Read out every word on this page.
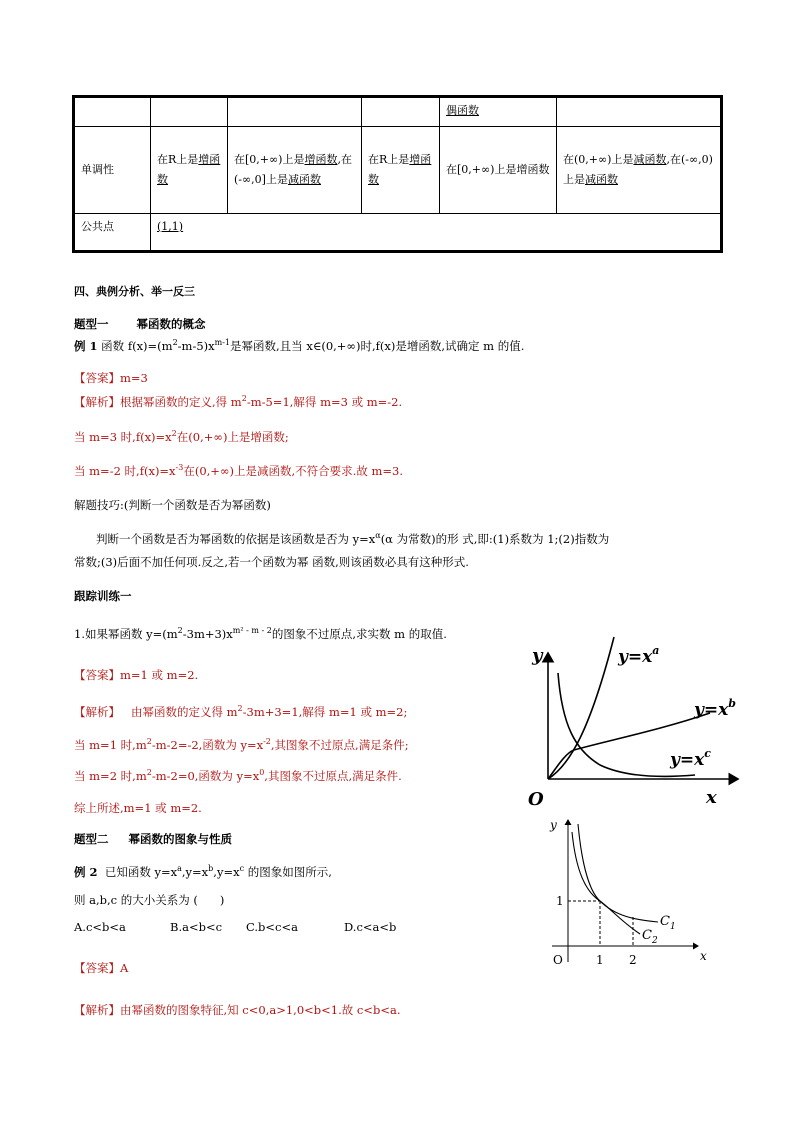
				偶函数	
单调性	在R上是增函数	在[0,+∞)上是增函数,在(-∞,0]上是减函数	在R上是增函数	在[0,+∞)上是增函数	在(0,+∞)上是减函数,在(-∞,0)上是减函数
公共点	(1,1)				
四、典例分析、举一反三
题型一 幂函数的概念
例 1 函数 $f(x)=(m^2-m-5)x^{m-1}$是幂函数,且当 x∈(0,+∞)时,f(x)是增函数,试确定 m 的值.
【答案】m=3
【解析】根据幂函数的定义,得 $m^2-m-5=1$,解得 m=3 或 m=-2.
当 m=3 时$,f(x)=x^2$在(0,+∞)上是增函数;
当 m=-2 时$,f(x)=x^{-3}$在(0,+∞)上是减函数,不符合要求.故 m=3.
解题技巧:(判断一个函数是否为幂函数)
判断一个函数是否为幂函数的依据是该函数是否为 $y=x^\alpha(\alpha$ 为常数)的形 式,即:(1)系数为 1;(2)指数为
常数;(3)后面不加任何项.反之,若一个函数为幂 函数,则该函数必具有这种形式.
跟踪训练一
1.如果幂函数 $y=(m^2-3m+3)x^{m^2 - m - 2}$的图象不过原点,求实数 m 的取值.
【答案】m=1 或 m=2.
【解析】   由幂函数的定义得 $m^2-3m+3=1$,解得 m=1 或 m=2;
当 m=1 时$,m^2-m-2=-2$,函数为 $y=x^{-2}$,其图象不过原点,满足条件;
当 m=2 时$,m^2-m-2=0$,函数为 $y=x^0$,其图象不过原点,满足条件.
综上所述,m=1 或 m=2.
题型二 幂函数的图象与性质
例 2  已知函数 $y=x^a,y=x^b,y=x^c$ 的图象如图所示,
则 a,b,c 的大小关系为 (      )
A.c<b<a	B.a<b<c C.b<c<a	D.c<a<b
【答案】A
【解析】由幂函数的图象特征,知 c<0,a>1,0<b<1.故 c<b<a.
y
x
O
$y=x^a$
$y=x^b$
$y=x^c$
y
x
O	1 2
1
$C_1$
$C_2$
